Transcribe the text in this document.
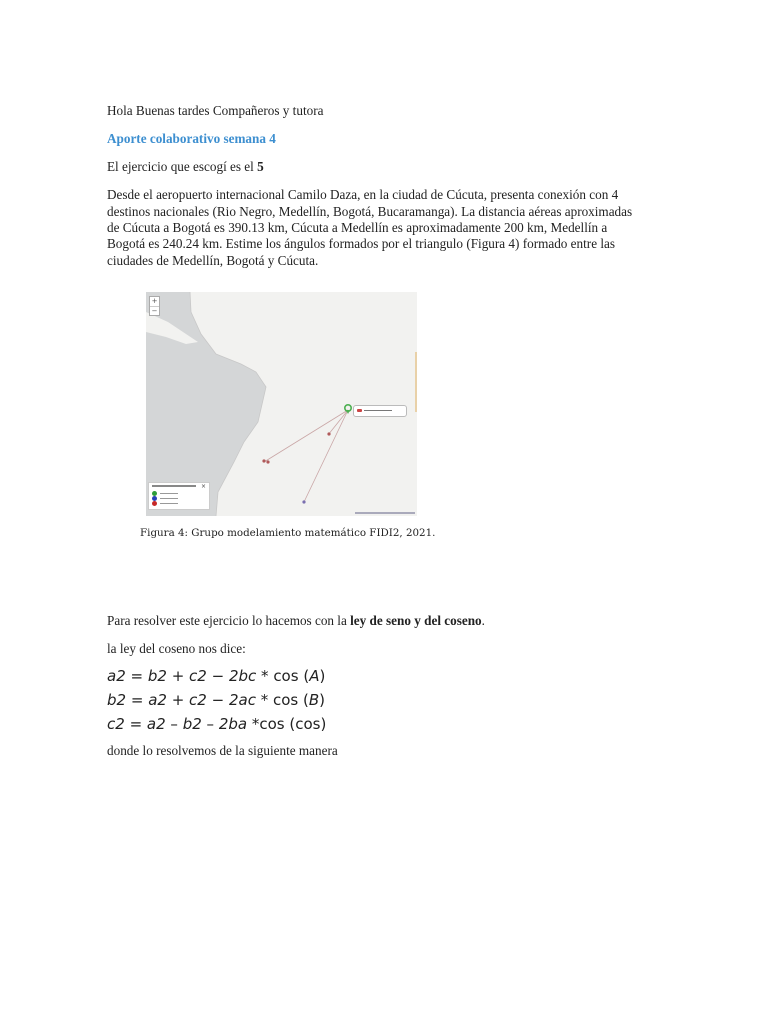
Hola Buenas tardes Compañeros y tutora
Aporte colaborativo semana 4
El ejercicio que escogí es el 5
Desde el aeropuerto internacional Camilo Daza, en la ciudad de Cúcuta, presenta conexión con 4
destinos nacionales (Rio Negro, Medellín, Bogotá, Bucaramanga). La distancia aéreas aproximadas
de Cúcuta a Bogotá es 390.13 km, Cúcuta a Medellín es aproximadamente 200 km, Medellín a
Bogotá es 240.24 km. Estime los ángulos formados por el triangulo (Figura 4) formado entre las
ciudades de Medellín, Bogotá y Cúcuta.
Para resolver este ejercicio lo hacemos con la ley de seno y del coseno.
la ley del coseno nos dice:
a2 = b2 + c2 − 2bc * cos (A)
b2 = a2 + c2 − 2ac * cos (B)
c2 = a2 – b2 – 2ba *cos (cos)
donde lo resolvemos de la siguiente manera
+
−
×
Figura 4: Grupo modelamiento matemático FIDI2, 2021.
